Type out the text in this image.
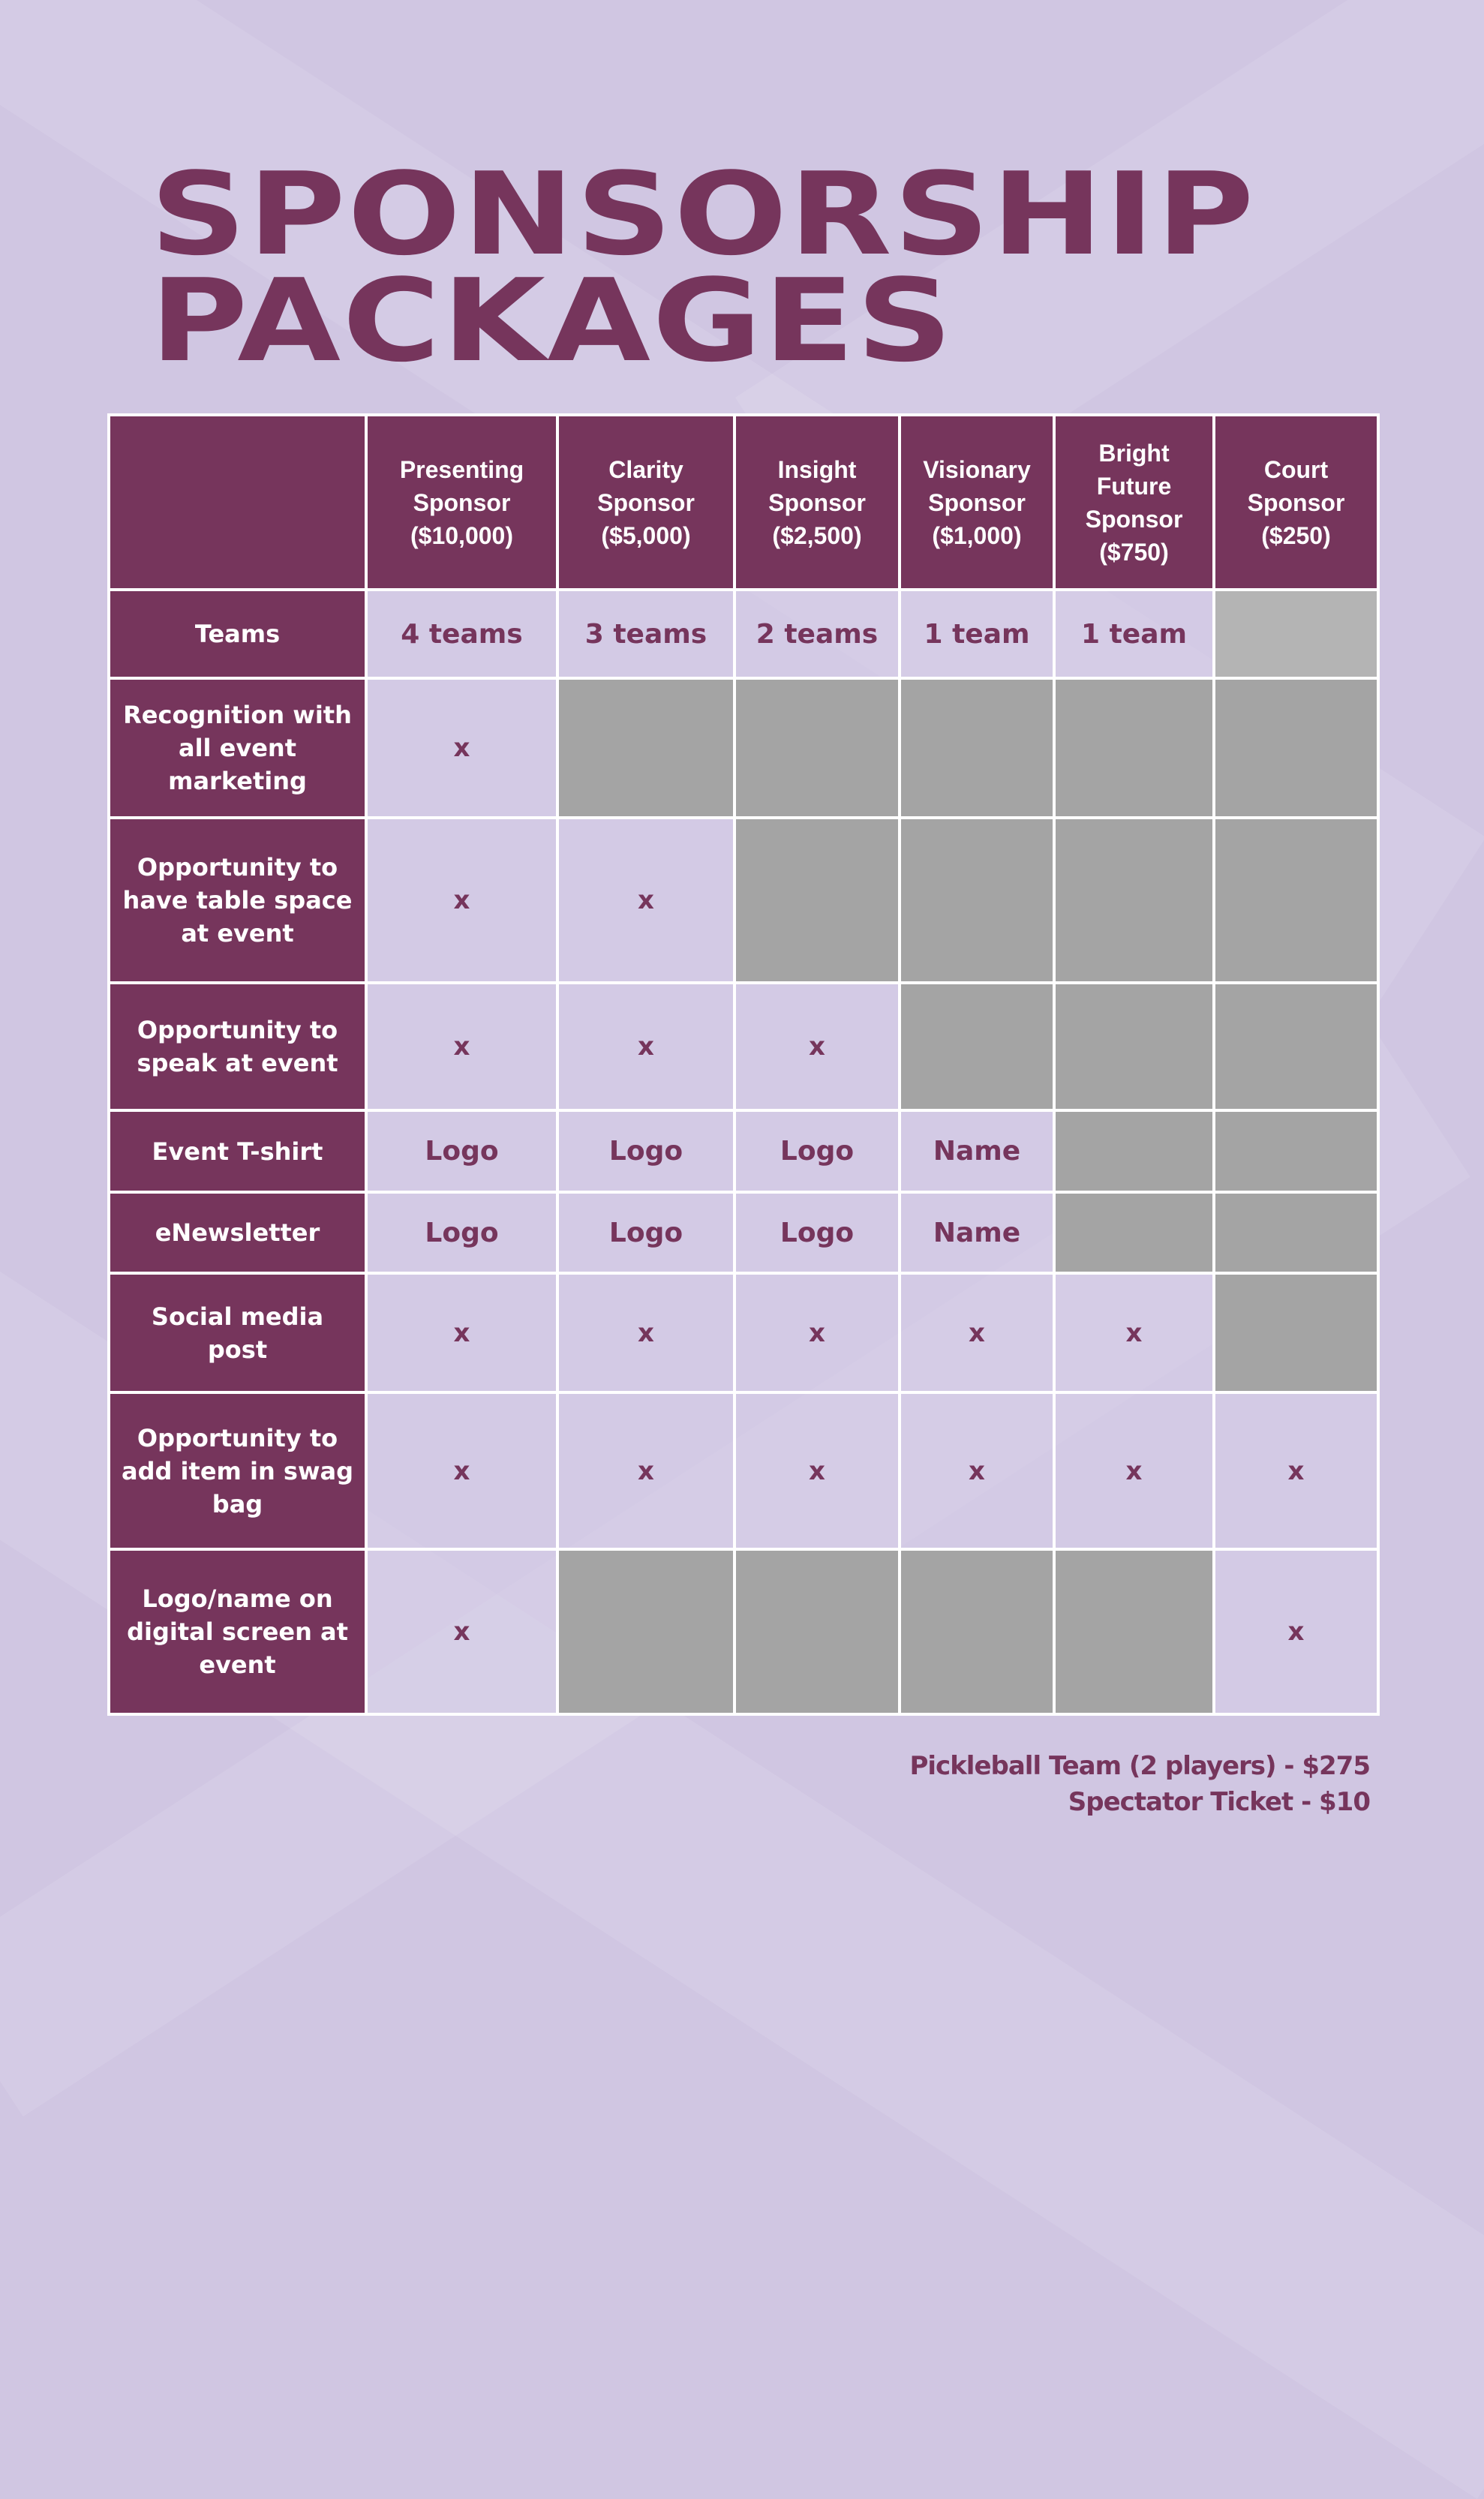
SPONSORSHIP
PACKAGES
	Presenting
Sponsor
($10,000)	Clarity
Sponsor
($5,000)	Insight
Sponsor
($2,500)	Visionary
Sponsor
($1,000)	Bright
Future
Sponsor
($750)	Court
Sponsor
($250)
Teams	4 teams	3 teams	2 teams	1 team	1 team	
Recognition with
all event
marketing	x					
Opportunity to
have table space
at event	x	x				
Opportunity to
speak at event	x	x	x			
Event T-shirt	Logo	Logo	Logo	Name		
eNewsletter	Logo	Logo	Logo	Name		
Social media
post	x	x	x	x	x	
Opportunity to
add item in swag
bag	x	x	x	x	x	x
Logo/name on
digital screen at
event	x					x
Pickleball Team (2 players) - $275
Spectator Ticket - $10
